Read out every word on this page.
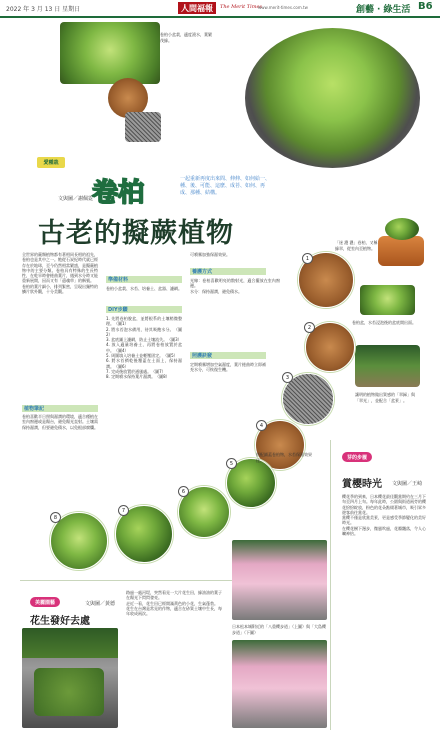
2022 年 3 月 13 日 星期日	人間福報	The Merit Times
www.merit-times.com.tw	創藝 ‧ 綠生活 B6
卷柏小盆栽，適度澆水，葉繁茂綠。
愛種栽
卷柏
文與圖／謝佩霓
一起重新再度出來問、伸伸、如何給一、種、後、可能、這麼、成苔、如何、再成、那種、結構。
古老的擬蕨植物	「迷 濃 濃」卷柏，又稱綠翠，從室內至植物。
卷柏盆，水苔浸泡後的盆底開出面。
讓明的植物做出質感的「翠緑」與「翠光」，並配合「盆景」。
1
2
3
4
5
6
7
8
搭配鋪蓋卷柏物，水苔保濕效果佳。
全世界的蕨類植物都有著相同長相的祖先，卷柏也是其中之一。牠從石炭紀時代就已經存在於地球，至今仍然相當繁盛，是擬蕨植物中的主要分類。卷柏具有特殊的生長特性，在乾旱時會捲曲葉片，遇到水分時又能重新展開，因而又有「還魂草」的稱號。
卷柏的葉片細小，排列緊密，呈現出獨特的鱗片狀外觀，十分美觀。
植物筆記
卷柏喜歡半日照與濕潤的環境，適合種植在室內窗邊或是陽台，避免陽光直射。土壤需保持濕潤，但要避免積水，以免根部腐爛。
準備材料
卷柏小盆栽、水苔、培養土、盆器、濾網。
DIY步驟
1. 先將卷柏脫盆，並將根系的土壤稍微整理。（圖1）
2. 將水苔泡水備用，待其吸飽水分。（圖2）
3. 盆底鋪上濾網，防止土壤流失。（圖3）
4. 放入適量培養土，再將卷柏放置於盆中。（圖4）
5. 周圍填入培養土並輕壓固定。（圖5）
6. 將水苔擠乾後覆蓋在土面上，保持濕潤。（圖6）
7. 完成後放置於通風處。（圖7）
8. 定期噴水保持葉片濕潤。（圖8）
可噴霧加強保濕效果。
養護方式
光線：卷柏喜歡明亮的散射光，適合擺放在室內窗邊。
水分：保持濕潤，避免積水。
照護訣竅
定期噴霧增加空氣濕度，葉片捲曲時立即補充水分，可恢復生機。
芽的步履
賞櫻時光 文與圖／王崎
櫻花季的到來，日本櫻花最佳觀賞期約在三月下旬至四月上旬。每年此時，公園與街道兩旁的櫻花紛紛綻放，粉色的花朵點綴著城市，吸引眾多遊客前往賞花。
賞櫻不僅是欣賞美景，更是感受季節變化的美好時光。
在櫻花樹下漫步，微風吹過，花瓣飄落，令人心曠神怡。
日本松本城附近的「八重櫻步道」（上圖）與「大島櫻步道」（下圖）
美麗園藝	文與圖／黃德
花生發好去處
路過一處河堤，突然看見一大片花生田，綠油油的葉子在陽光下閃閃發亮。
走近一看，花生田已經開滿黃色的小花，生氣蓬勃。
花生在台灣是常見的作物，適合在砂質土壤中生長，每年收成兩次。
